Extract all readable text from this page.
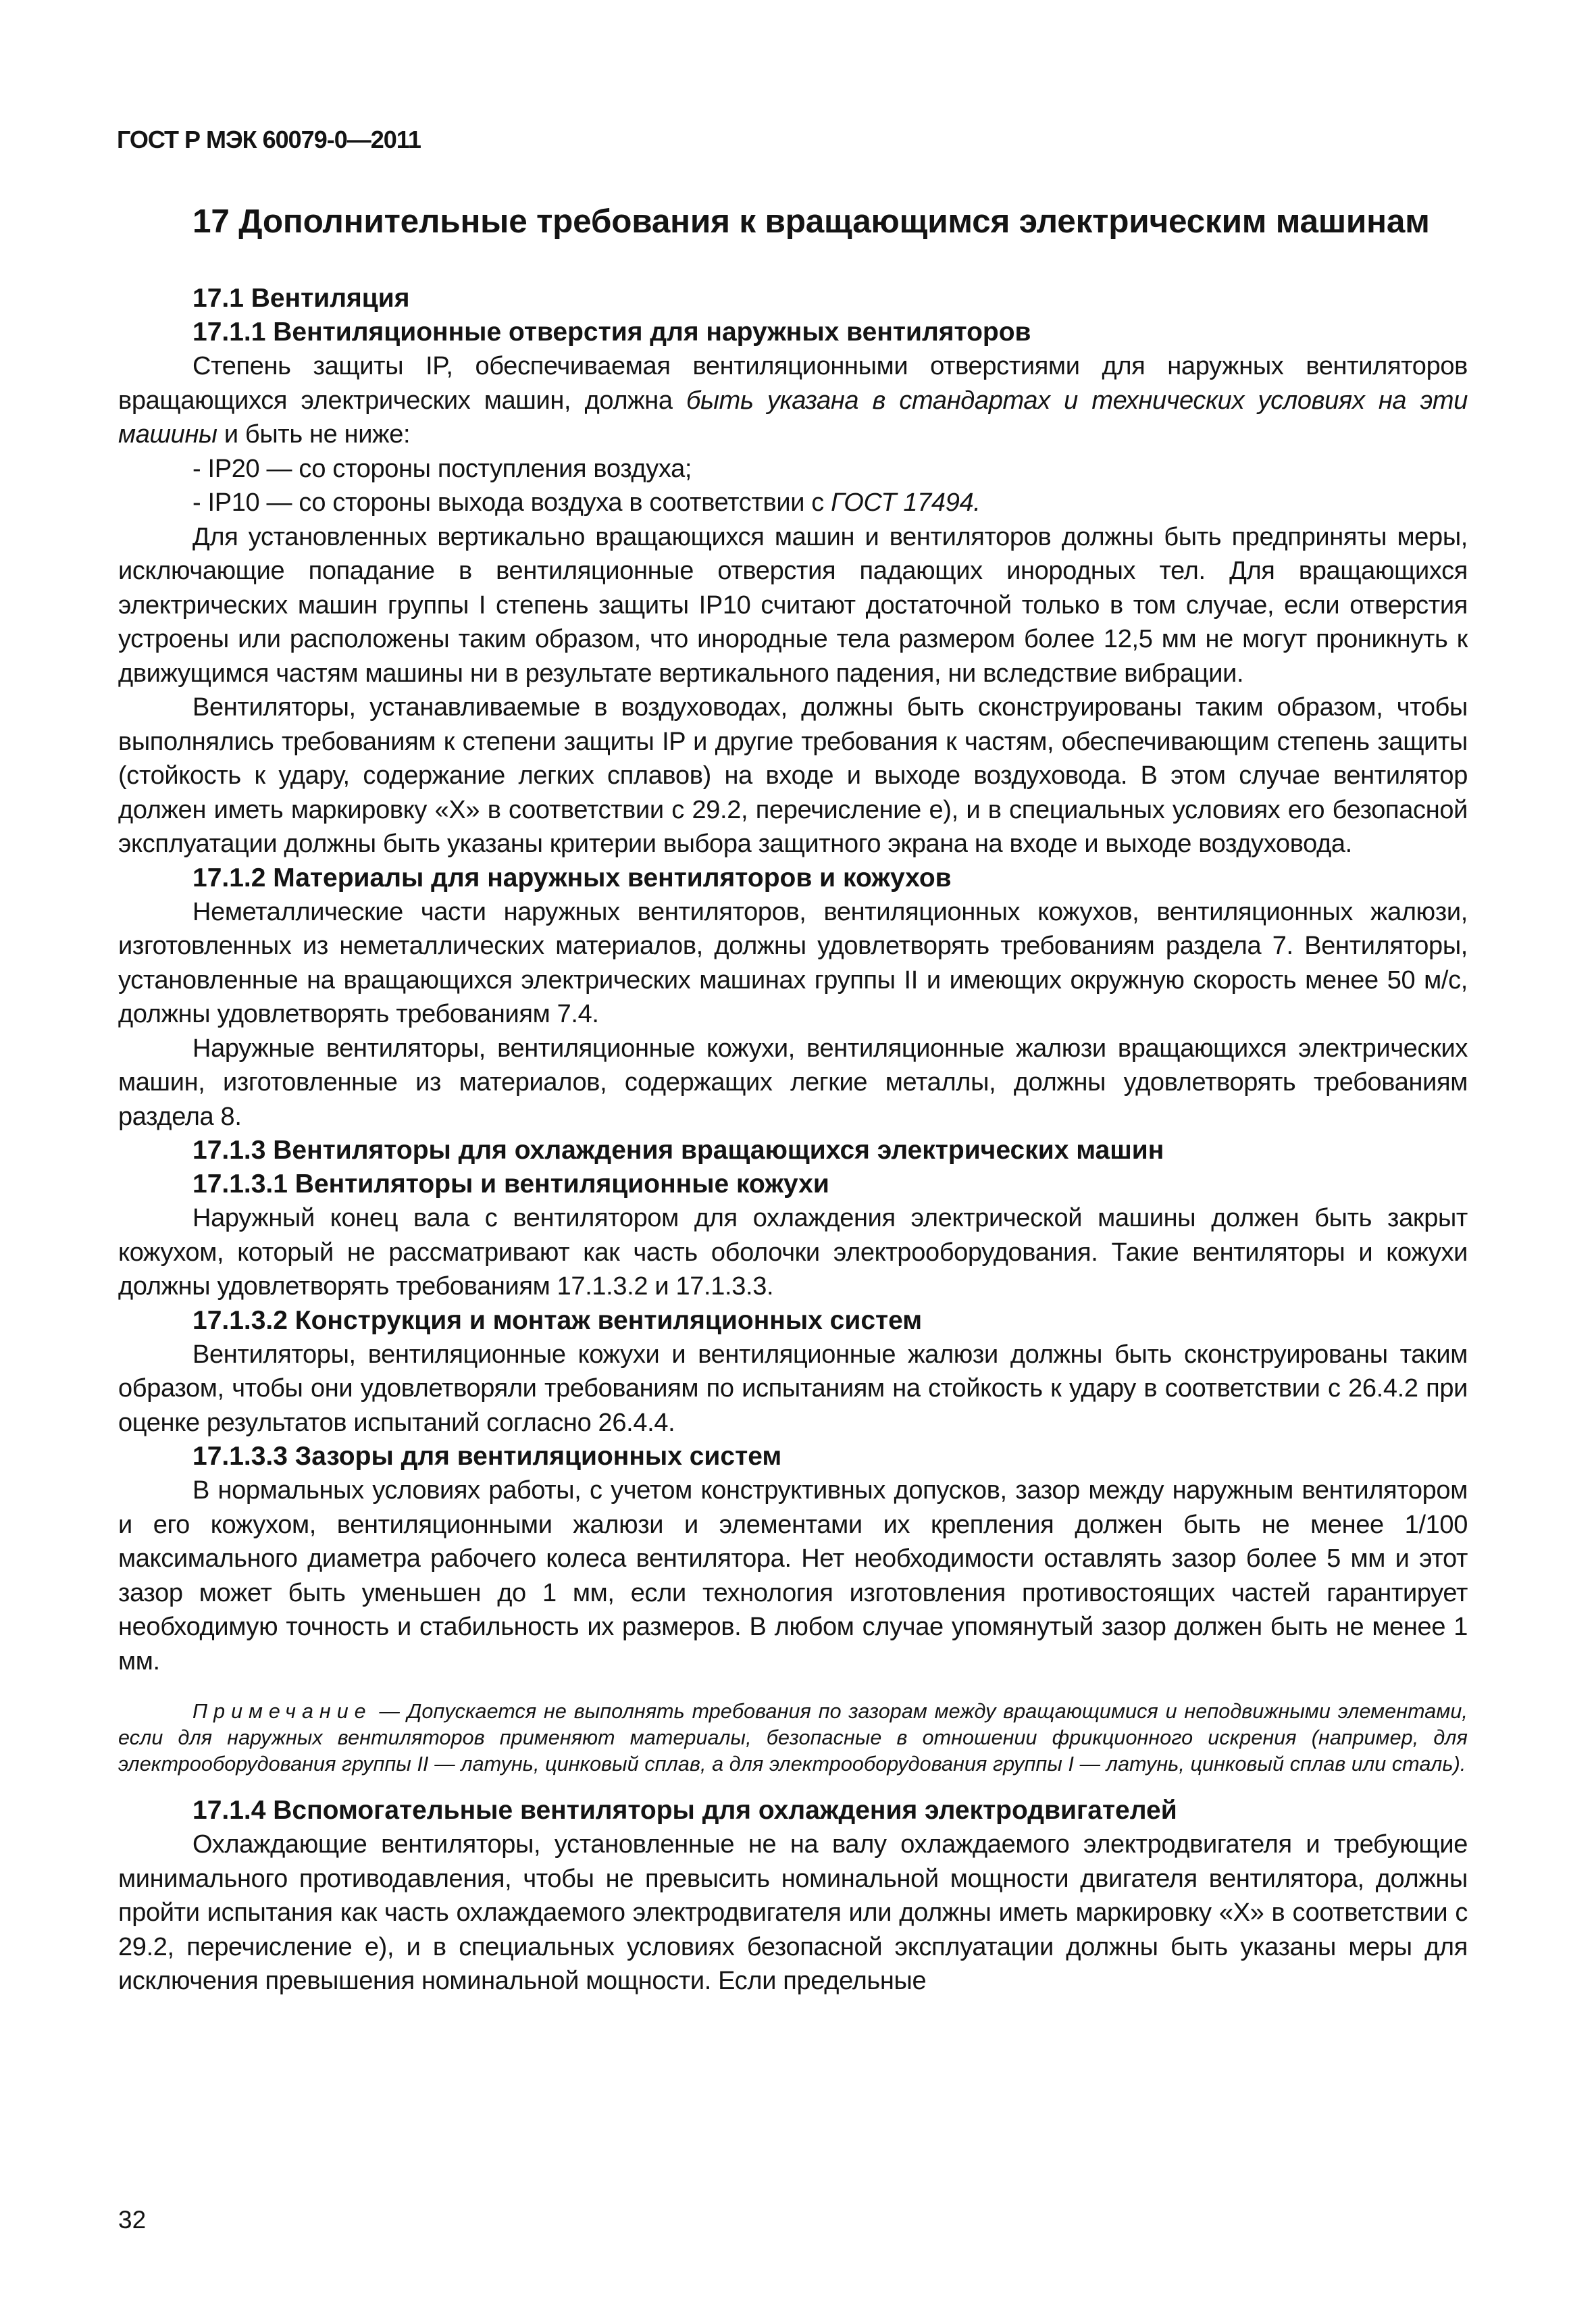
ГОСТ Р МЭК 60079-0—2011
17 Дополнительные требования к вращающимся электрическим машинам
17.1 Вентиляция
17.1.1 Вентиляционные отверстия для наружных вентиляторов

Степень защиты IP, обеспечиваемая вентиляционными отверстиями для наружных вентиляторов вращающихся электрических машин, должна быть указана в стандартах и технических условиях на эти машины и быть не ниже:

- IP20 — со стороны поступления воздуха;

- IP10 — со стороны выхода воздуха в соответствии с ГОСТ 17494.

Для установленных вертикально вращающихся машин и вентиляторов должны быть предприняты меры, исключающие попадание в вентиляционные отверстия падающих инородных тел. Для вращающихся электрических машин группы I степень защиты IP10 считают достаточной только в том случае, если отверстия устроены или расположены таким образом, что инородные тела размером более 12,5 мм не могут проникнуть к движущимся частям машины ни в результате вертикального падения, ни вследствие вибрации.

Вентиляторы, устанавливаемые в воздуховодах, должны быть сконструированы таким образом, чтобы выполнялись требованиям к степени защиты IP и другие требования к частям, обеспечивающим степень защиты (стойкость к удару, содержание легких сплавов) на входе и выходе воздуховода. В этом случае вентилятор должен иметь маркировку «X» в соответствии с 29.2, перечисление е), и в специальных условиях его безопасной эксплуатации должны быть указаны критерии выбора защитного экрана на входе и выходе воздуховода.

17.1.2 Материалы для наружных вентиляторов и кожухов

Неметаллические части наружных вентиляторов, вентиляционных кожухов, вентиляционных жалюзи, изготовленных из неметаллических материалов, должны удовлетворять требованиям раздела 7. Вентиляторы, установленные на вращающихся электрических машинах группы II и имеющих окружную скорость менее 50 м/с, должны удовлетворять требованиям 7.4.

Наружные вентиляторы, вентиляционные кожухи, вентиляционные жалюзи вращающихся электрических машин, изготовленные из материалов, содержащих легкие металлы, должны удовлетворять требованиям раздела 8.

17.1.3 Вентиляторы для охлаждения вращающихся электрических машин
17.1.3.1 Вентиляторы и вентиляционные кожухи

Наружный конец вала с вентилятором для охлаждения электрической машины должен быть закрыт кожухом, который не рассматривают как часть оболочки электрооборудования. Такие вентиляторы и кожухи должны удовлетворять требованиям 17.1.3.2 и 17.1.3.3.

17.1.3.2 Конструкция и монтаж вентиляционных систем

Вентиляторы, вентиляционные кожухи и вентиляционные жалюзи должны быть сконструированы таким образом, чтобы они удовлетворяли требованиям по испытаниям на стойкость к удару в соответствии с 26.4.2 при оценке результатов испытаний согласно 26.4.4.

17.1.3.3 Зазоры для вентиляционных систем

В нормальных условиях работы, с учетом конструктивных допусков, зазор между наружным вентилятором и его кожухом, вентиляционными жалюзи и элементами их крепления должен быть не менее 1/100 максимального диаметра рабочего колеса вентилятора. Нет необходимости оставлять зазор более 5 мм и этот зазор может быть уменьшен до 1 мм, если технология изготовления противостоящих частей гарантирует необходимую точность и стабильность их размеров. В любом случае упомянутый зазор должен быть не менее 1 мм.

Примечание — Допускается не выполнять требования по зазорам между вращающимися и неподвижными элементами, если для наружных вентиляторов применяют материалы, безопасные в отношении фрикционного искрения (например, для электрооборудования группы II — латунь, цинковый сплав, а для электрооборудования группы I — латунь, цинковый сплав или сталь).
17.1.4 Вспомогательные вентиляторы для охлаждения электродвигателей

Охлаждающие вентиляторы, установленные не на валу охлаждаемого электродвигателя и требующие минимального противодавления, чтобы не превысить номинальной мощности двигателя вентилятора, должны пройти испытания как часть охлаждаемого электродвигателя или должны иметь маркировку «X» в соответствии с 29.2, перечисление е), и в специальных условиях безопасной эксплуатации должны быть указаны меры для исключения превышения номинальной мощности. Если предельные

32
